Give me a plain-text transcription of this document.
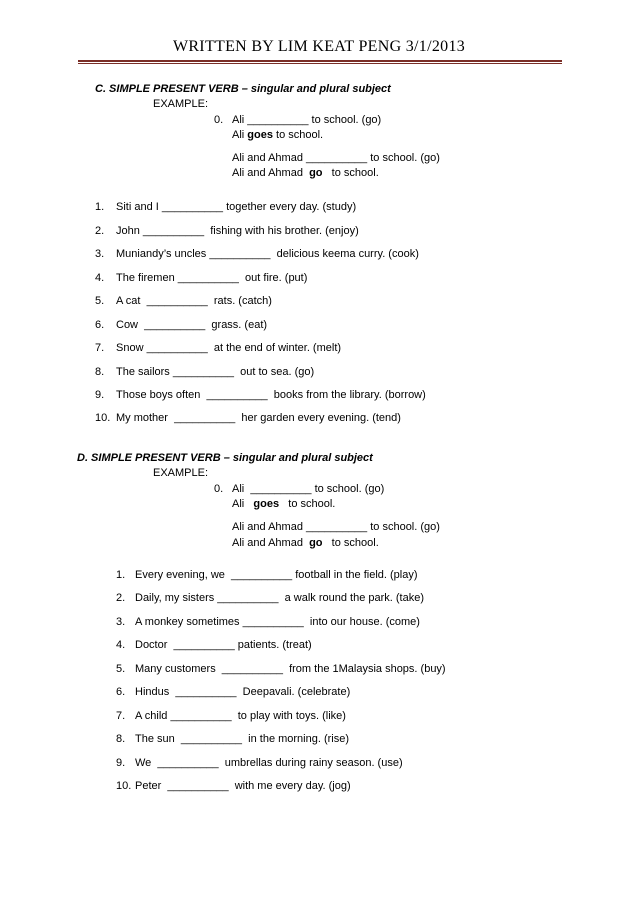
WRITTEN BY LIM KEAT PENG 3/1/2013
C. SIMPLE PRESENT VERB – singular and plural subject
EXAMPLE:
0. Ali __________ to school. (go)
Ali goes to school.
Ali and Ahmad __________ to school. (go)
Ali and Ahmad  go   to school.
1. Siti and I __________ together every day. (study)
2. John __________  fishing with his brother. (enjoy)
3. Muniandy’s uncles __________  delicious keema curry. (cook)
4. The firemen __________  out fire. (put)
5. A cat  __________  rats. (catch)
6. Cow  __________  grass. (eat)
7. Snow __________  at the end of winter. (melt)
8. The sailors __________  out to sea. (go)
9. Those boys often  __________  books from the library. (borrow)
10. My mother  __________  her garden every evening. (tend)
D. SIMPLE PRESENT VERB – singular and plural subject
EXAMPLE:
0. Ali  __________ to school. (go)
Ali   goes   to school.
Ali and Ahmad __________ to school. (go)
Ali and Ahmad  go   to school.
1. Every evening, we  __________ football in the field. (play)
2. Daily, my sisters __________  a walk round the park. (take)
3. A monkey sometimes __________  into our house. (come)
4. Doctor  __________ patients. (treat)
5. Many customers  __________  from the 1Malaysia shops. (buy)
6. Hindus  __________  Deepavali. (celebrate)
7. A child __________  to play with toys. (like)
8. The sun  __________  in the morning. (rise)
9. We  __________  umbrellas during rainy season. (use)
10. Peter  __________  with me every day. (jog)
